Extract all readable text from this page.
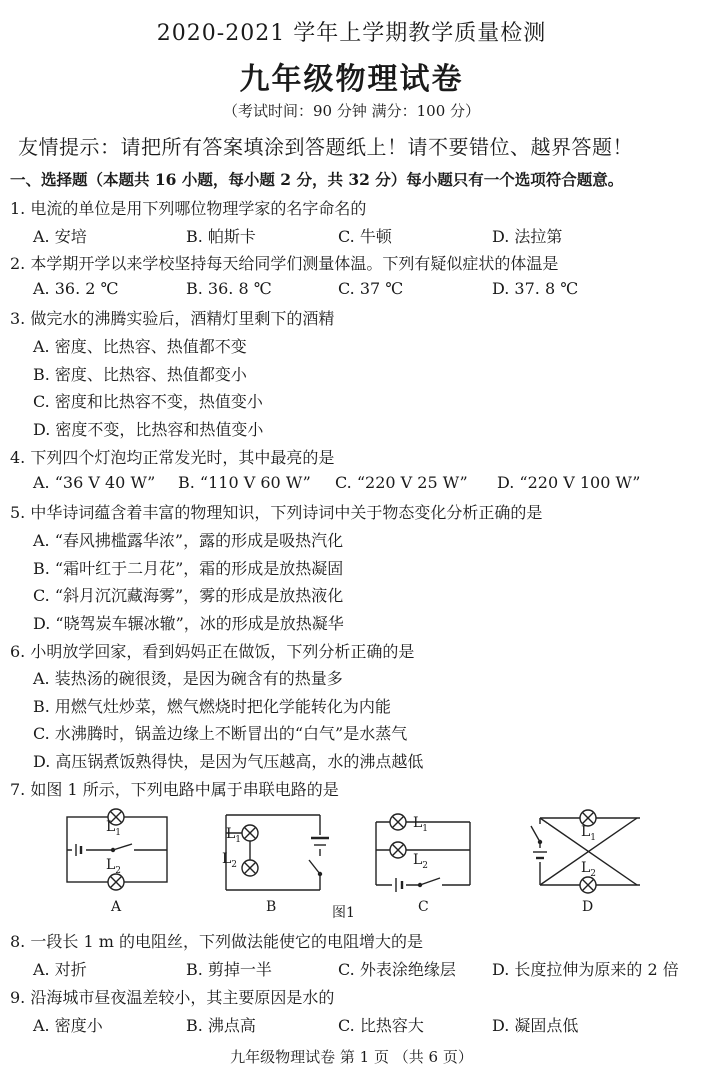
2020-2021 学年上学期教学质量检测
九年级物理试卷
（考试时间：90 分钟 满分：100 分）
友情提示：请把所有答案填涂到答题纸上！请不要错位、越界答题！
一、选择题（本题共 16 小题，每小题 2 分，共 32 分）每小题只有一个选项符合题意。
1. 电流的单位是用下列哪位物理学家的名字命名的
A. 安培	B. 帕斯卡	C. 牛顿	D. 法拉第
2. 本学期开学以来学校坚持每天给同学们测量体温。下列有疑似症状的体温是
A. 36. 2 ℃	B. 36. 8 ℃	C. 37 ℃	D. 37. 8 ℃
3. 做完水的沸腾实验后，酒精灯里剩下的酒精
A. 密度、比热容、热值都不变
B. 密度、比热容、热值都变小
C. 密度和比热容不变，热值变小
D. 密度不变，比热容和热值变小
4. 下列四个灯泡均正常发光时，其中最亮的是
A. “36 V 40 W” B. “110 V 60 W” C. “220 V 25 W” D. “220 V 100 W”
5. 中华诗词蕴含着丰富的物理知识，下列诗词中关于物态变化分析正确的是
A. “春风拂槛露华浓”，露的形成是吸热汽化
B. “霜叶红于二月花”，霜的形成是放热凝固
C. “斜月沉沉藏海雾”，雾的形成是放热液化
D. “晓驾炭车辗冰辙”，冰的形成是放热凝华
6. 小明放学回家，看到妈妈正在做饭，下列分析正确的是
A. 装热汤的碗很烫，是因为碗含有的热量多
B. 用燃气灶炒菜，燃气燃烧时把化学能转化为内能
C. 水沸腾时，锅盖边缘上不断冒出的“白气”是水蒸气
D. 高压锅煮饭熟得快，是因为气压越高，水的沸点越低
7. 如图 1 所示，下列电路中属于串联电路的是
$L_1$
$L_2$
$L_1$
$L_2$
$L_1$
$L_2$
$L_1$
$L_2$
A	B	图1	C	D
8. 一段长 1 m 的电阻丝，下列做法能使它的电阻增大的是
A. 对折	B. 剪掉一半	C. 外表涂绝缘层 D. 长度拉伸为原来的 2 倍
9. 沿海城市昼夜温差较小，其主要原因是水的
A. 密度小	B. 沸点高	C. 比热容大	D. 凝固点低
九年级物理试卷 第 1 页 （共 6 页）
